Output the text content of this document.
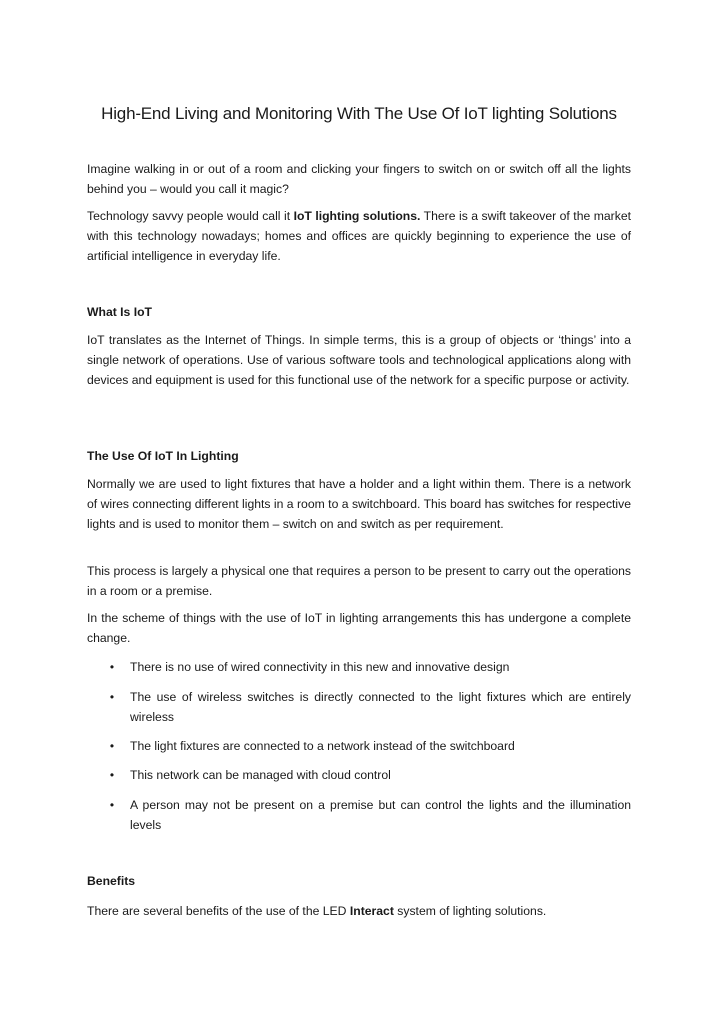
High-End Living and Monitoring With The Use Of IoT lighting Solutions

Imagine walking in or out of a room and clicking your fingers to switch on or switch off all the lights behind you – would you call it magic?

Technology savvy people would call it IoT lighting solutions. There is a swift takeover of the market with this technology nowadays; homes and offices are quickly beginning to experience the use of artificial intelligence in everyday life.

What Is IoT

IoT translates as the Internet of Things. In simple terms, this is a group of objects or ‘things’ into a single network of operations. Use of various software tools and technological applications along with devices and equipment is used for this functional use of the network for a specific purpose or activity.

The Use Of IoT In Lighting

Normally we are used to light fixtures that have a holder and a light within them. There is a network of wires connecting different lights in a room to a switchboard. This board has switches for respective lights and is used to monitor them – switch on and switch as per requirement.

This process is largely a physical one that requires a person to be present to carry out the operations in a room or a premise.

In the scheme of things with the use of IoT in lighting arrangements this has undergone a complete change.

• There is no use of wired connectivity in this new and innovative design
• The use of wireless switches is directly connected to the light fixtures which are entirely wireless
• The light fixtures are connected to a network instead of the switchboard
• This network can be managed with cloud control
• A person may not be present on a premise but can control the lights and the illumination levels
Benefits

There are several benefits of the use of the LED Interact system of lighting solutions.
